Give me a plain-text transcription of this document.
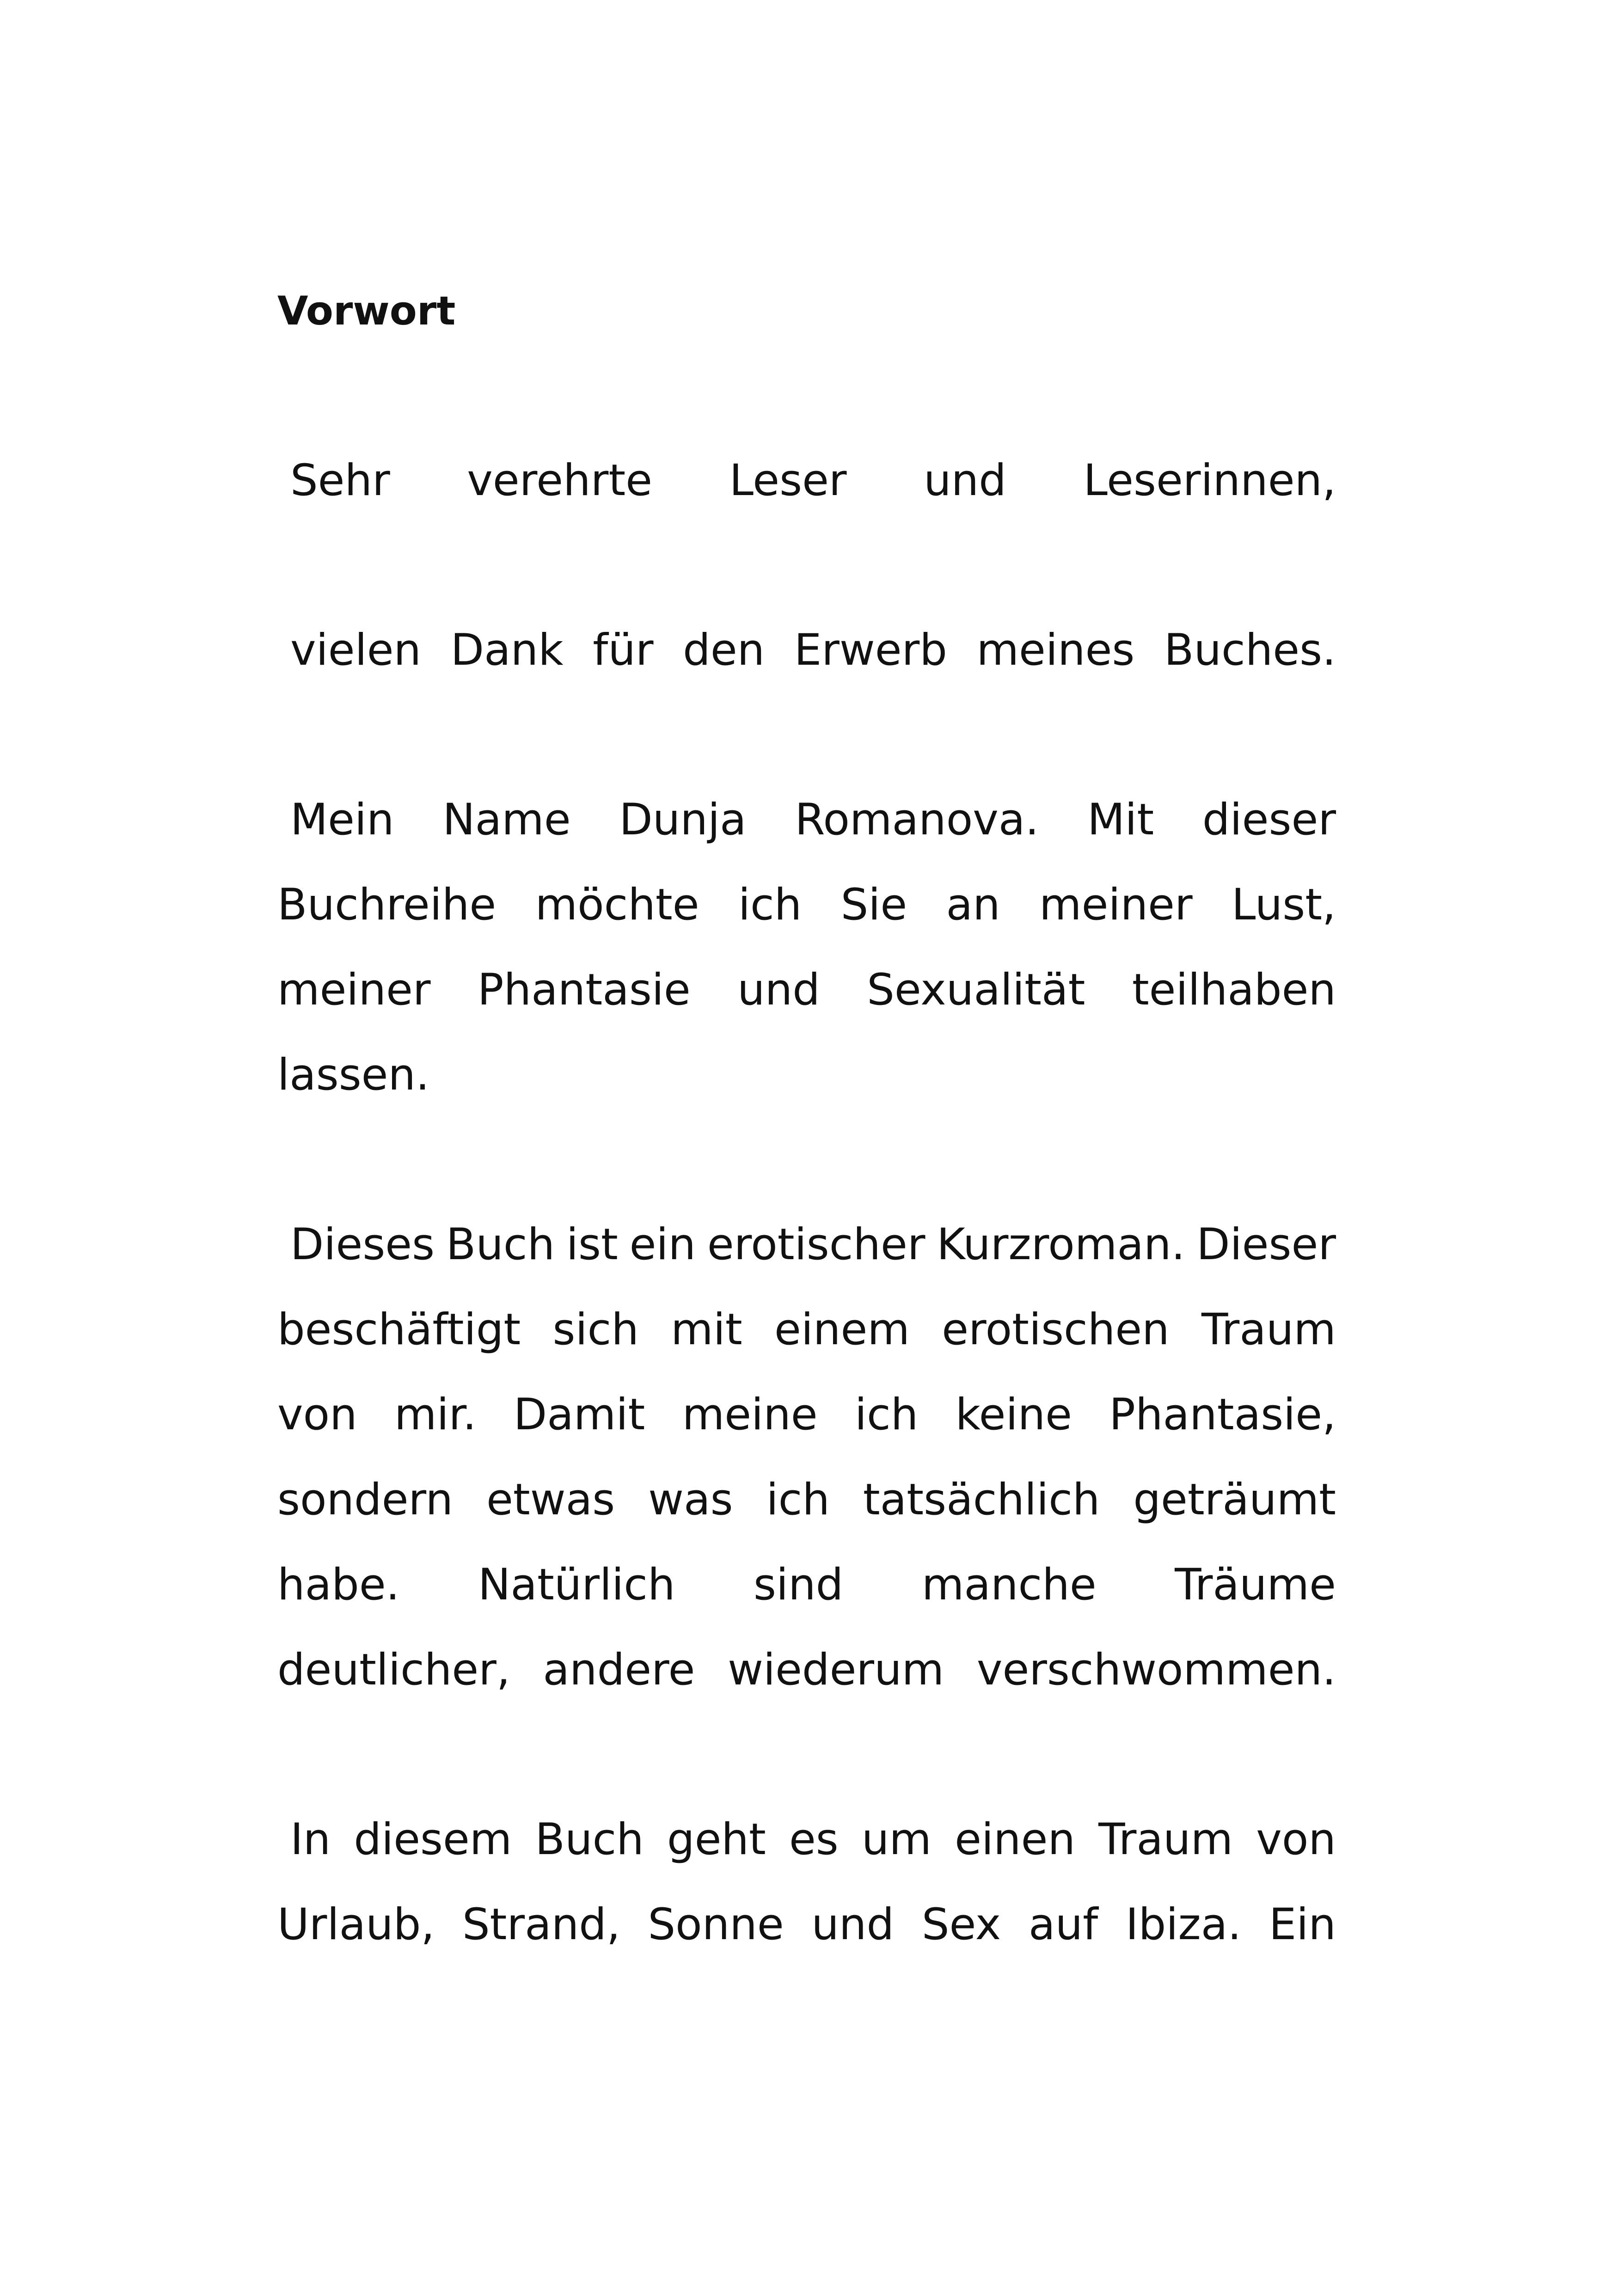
Vorwort
Sehr verehrte Leser und Leserinnen,
vielen Dank für den Erwerb meines Buches.
Mein Name Dunja Romanova. Mit dieser
Buchreihe möchte ich Sie an meiner Lust,
meiner Phantasie und Sexualität teilhaben
lassen.
Dieses Buch ist ein erotischer Kurzroman. Dieser
beschäftigt sich mit einem erotischen Traum
von mir. Damit meine ich keine Phantasie,
sondern etwas was ich tatsächlich geträumt
habe. Natürlich sind manche Träume
deutlicher, andere wiederum verschwommen.
In diesem Buch geht es um einen Traum von
Urlaub, Strand, Sonne und Sex auf Ibiza. Ein
